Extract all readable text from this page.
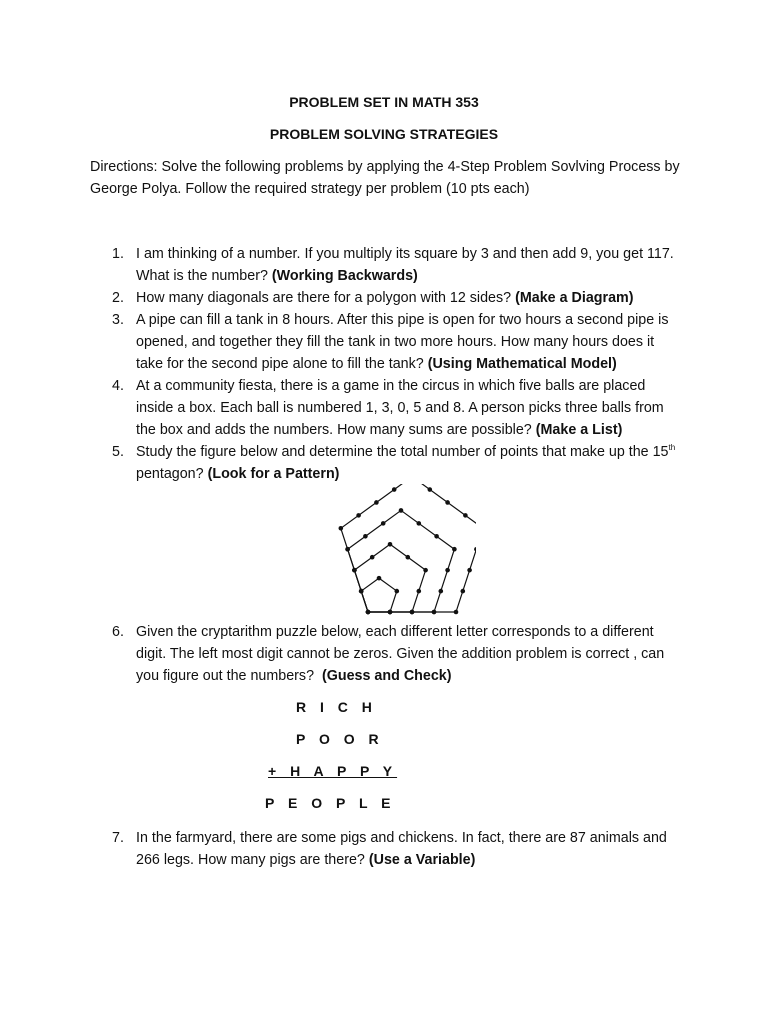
PROBLEM SET IN MATH 353
PROBLEM SOLVING STRATEGIES

Directions: Solve the following problems by applying the 4-Step Problem Sovlving Process by George Polya. Follow the required strategy per problem (10 pts each)

1. I am thinking of a number. If you multiply its square by 3 and then add 9, you get 117. What is the number? (Working Backwards)
2. How many diagonals are there for a polygon with 12 sides? (Make a Diagram)
3. A pipe can fill a tank in 8 hours. After this pipe is open for two hours a second pipe is opened, and together they fill the tank in two more hours. How many hours does it take for the second pipe alone to fill the tank? (Using Mathematical Model)
4. At a community fiesta, there is a game in the circus in which five balls are placed inside a box. Each ball is numbered 1, 3, 0, 5 and 8. A person picks three balls from the box and adds the numbers. How many sums are possible? (Make a List)
5. Study the figure below and determine the total number of points that make up the 15th pentagon? (Look for a Pattern)
6. Given the cryptarithm puzzle below, each different letter corresponds to a different digit. The left most digit cannot be zeros. Given the addition problem is correct , can you figure out the numbers? (Guess and Check)
R I C H
P O O R
+ H A P P Y
P E O P L E
7. In the farmyard, there are some pigs and chickens. In fact, there are 87 animals and 266 legs. How many pigs are there? (Use a Variable)
